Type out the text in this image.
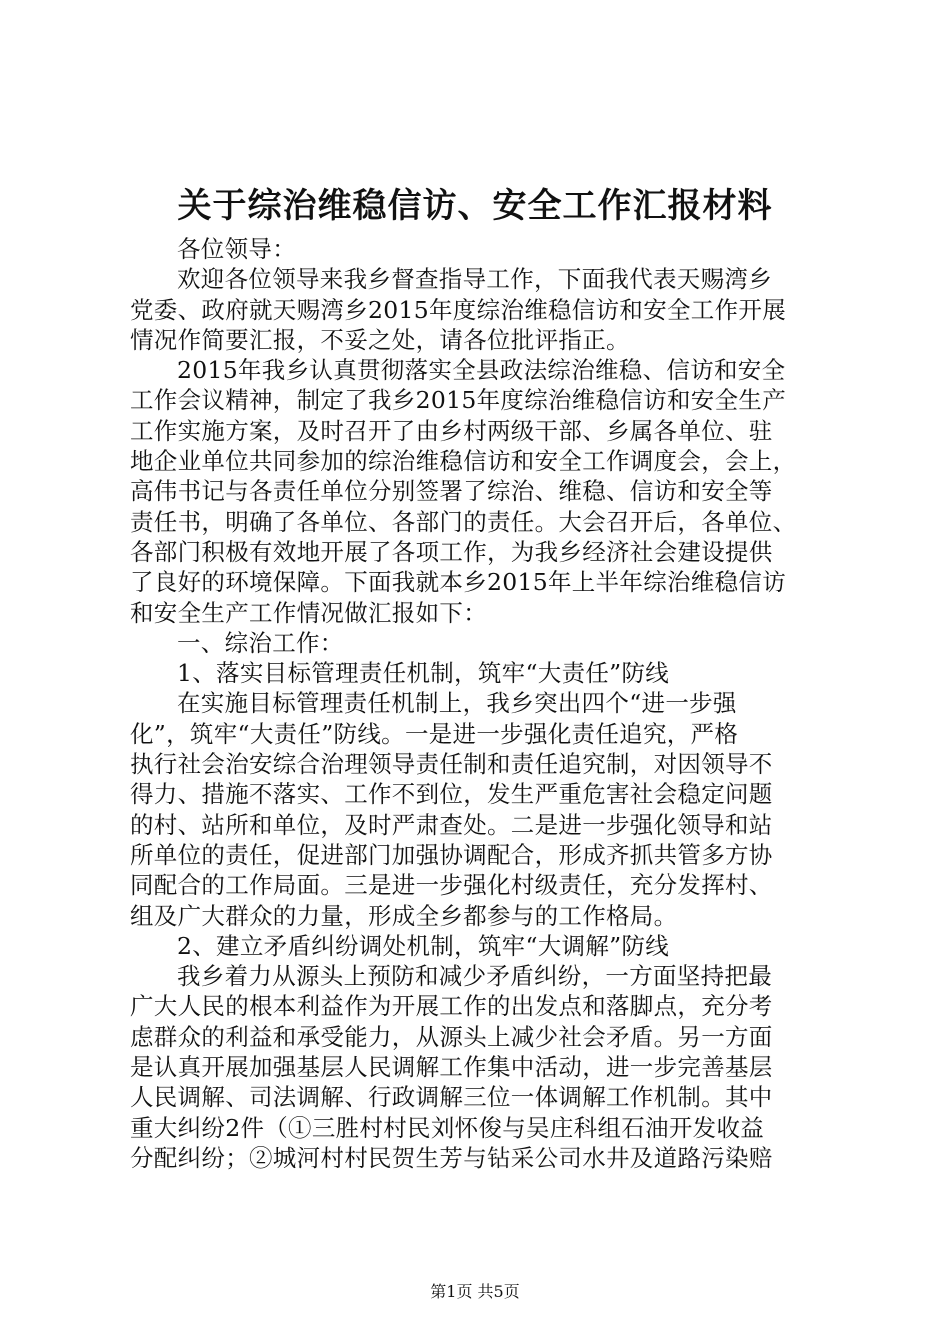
关于综治维稳信访、安全工作汇报材料

各位领导：

欢迎各位领导来我乡督查指导工作，下面我代表天赐湾乡
党委、政府就天赐湾乡2015年度综治维稳信访和安全工作开展
情况作简要汇报，不妥之处，请各位批评指正。

2015年我乡认真贯彻落实全县政法综治维稳、信访和安全
工作会议精神，制定了我乡2015年度综治维稳信访和安全生产
工作实施方案，及时召开了由乡村两级干部、乡属各单位、驻
地企业单位共同参加的综治维稳信访和安全工作调度会，会上，
高伟书记与各责任单位分别签署了综治、维稳、信访和安全等
责任书，明确了各单位、各部门的责任。大会召开后，各单位、
各部门积极有效地开展了各项工作，为我乡经济社会建设提供
了良好的环境保障。下面我就本乡2015年上半年综治维稳信访
和安全生产工作情况做汇报如下：

一、综治工作：

1、落实目标管理责任机制，筑牢“大责任”防线

在实施目标管理责任机制上，我乡突出四个“进一步强
化”，筑牢“大责任”防线。一是进一步强化责任追究，严格
执行社会治安综合治理领导责任制和责任追究制，对因领导不
得力、措施不落实、工作不到位，发生严重危害社会稳定问题
的村、站所和单位，及时严肃查处。二是进一步强化领导和站
所单位的责任，促进部门加强协调配合，形成齐抓共管多方协
同配合的工作局面。三是进一步强化村级责任，充分发挥村、
组及广大群众的力量，形成全乡都参与的工作格局。

2、建立矛盾纠纷调处机制，筑牢“大调解”防线

我乡着力从源头上预防和减少矛盾纠纷，一方面坚持把最
广大人民的根本利益作为开展工作的出发点和落脚点，充分考
虑群众的利益和承受能力，从源头上减少社会矛盾。另一方面
是认真开展加强基层人民调解工作集中活动，进一步完善基层
人民调解、司法调解、行政调解三位一体调解工作机制。其中
重大纠纷2件（①三胜村村民刘怀俊与吴庄科组石油开发收益
分配纠纷；②城河村村民贺生芳与钻采公司水井及道路污染赔

第1页 共5页
